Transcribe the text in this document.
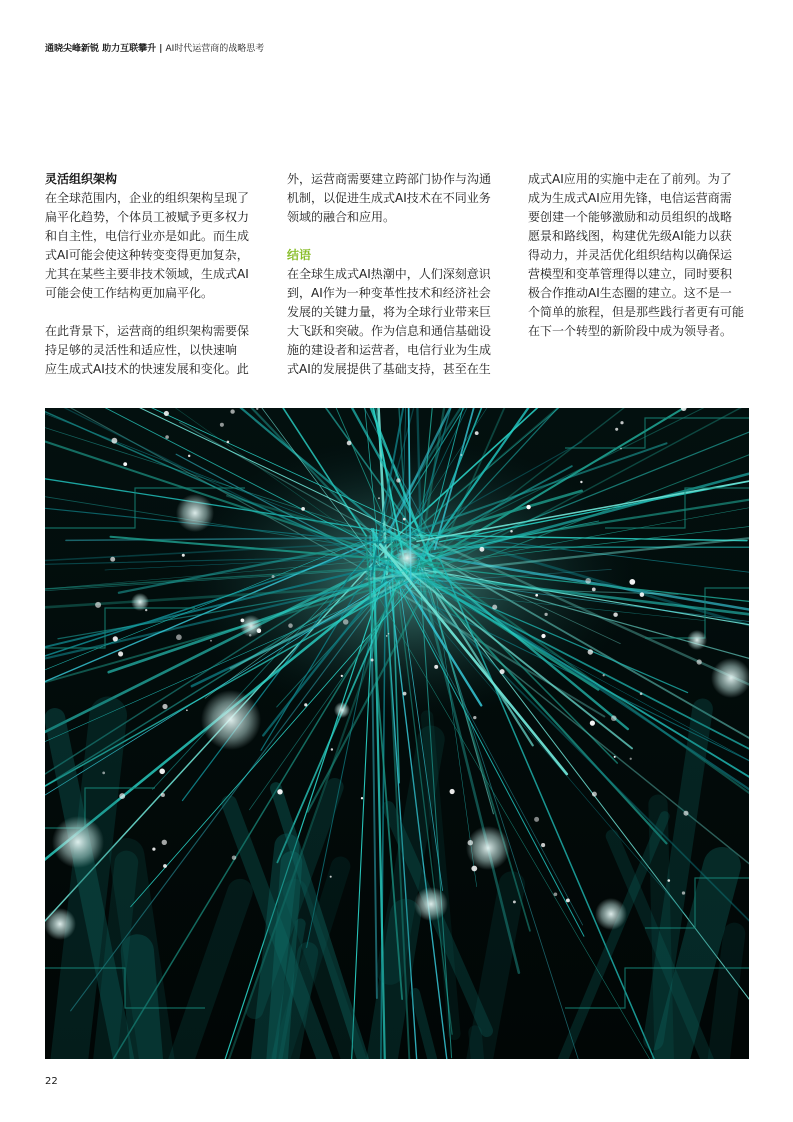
通晓尖峰新锐 助力互联攀升 | AI时代运营商的战略思考

灵活组织架构

在全球范围内，企业的组织架构呈现了

扁平化趋势，个体员工被赋予更多权力

和自主性，电信行业亦是如此。而生成

式AI可能会使这种转变变得更加复杂，

尤其在某些主要非技术领域，生成式AI

可能会使工作结构更加扁平化。

在此背景下，运营商的组织架构需要保

持足够的灵活性和适应性，以快速响

应生成式AI技术的快速发展和变化。此

外，运营商需要建立跨部门协作与沟通

机制，以促进生成式AI技术在不同业务

领域的融合和应用。

结语

在全球生成式AI热潮中，人们深刻意识

到，AI作为一种变革性技术和经济社会

发展的关键力量，将为全球行业带来巨

大飞跃和突破。作为信息和通信基础设

施的建设者和运营者，电信行业为生成

式AI的发展提供了基础支持，甚至在生

成式AI应用的实施中走在了前列。为了

成为生成式AI应用先锋，电信运营商需

要创建一个能够激励和动员组织的战略

愿景和路线图，构建优先级AI能力以获

得动力，并灵活优化组织结构以确保运

营模型和变革管理得以建立，同时要积

极合作推动AI生态圈的建立。这不是一

个简单的旅程，但是那些践行者更有可能

在下一个转型的新阶段中成为领导者。

22
